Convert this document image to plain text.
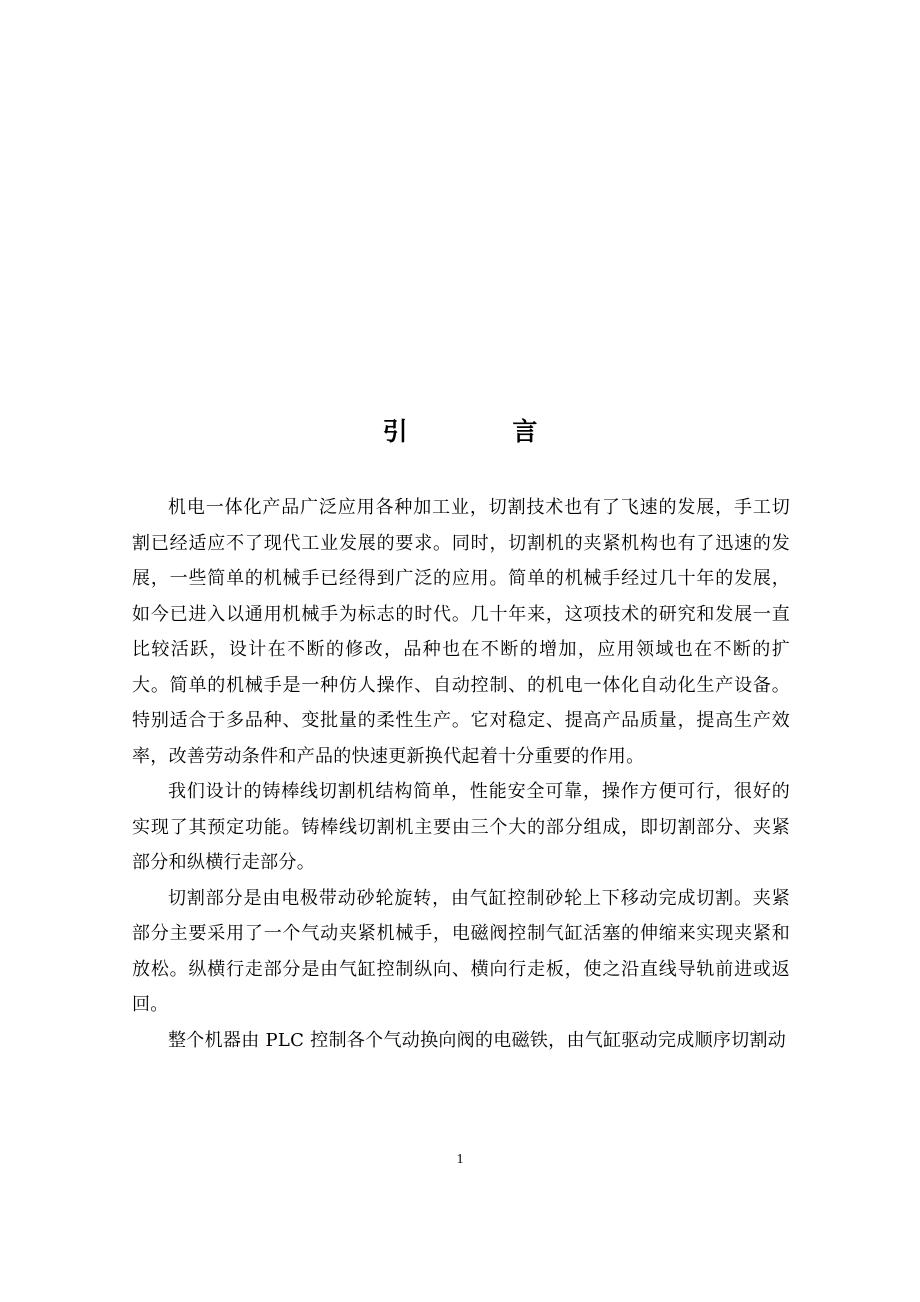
引 言

机电一体化产品广泛应用各种加工业，切割技术也有了飞速的发展，手工切割已经适应不了现代工业发展的要求。同时，切割机的夹紧机构也有了迅速的发展，一些简单的机械手已经得到广泛的应用。简单的机械手经过几十年的发展，如今已进入以通用机械手为标志的时代。几十年来，这项技术的研究和发展一直比较活跃，设计在不断的修改，品种也在不断的增加，应用领域也在不断的扩大。简单的机械手是一种仿人操作、自动控制、的机电一体化自动化生产设备。特别适合于多品种、变批量的柔性生产。它对稳定、提高产品质量，提高生产效率，改善劳动条件和产品的快速更新换代起着十分重要的作用。

我们设计的铸棒线切割机结构简单，性能安全可靠，操作方便可行，很好的实现了其预定功能。铸棒线切割机主要由三个大的部分组成，即切割部分、夹紧部分和纵横行走部分。

切割部分是由电极带动砂轮旋转，由气缸控制砂轮上下移动完成切割。夹紧部分主要采用了一个气动夹紧机械手，电磁阀控制气缸活塞的伸缩来实现夹紧和放松。纵横行走部分是由气缸控制纵向、横向行走板，使之沿直线导轨前进或返回。

整个机器由 PLC 控制各个气动换向阀的电磁铁，由气缸驱动完成顺序切割动

1
